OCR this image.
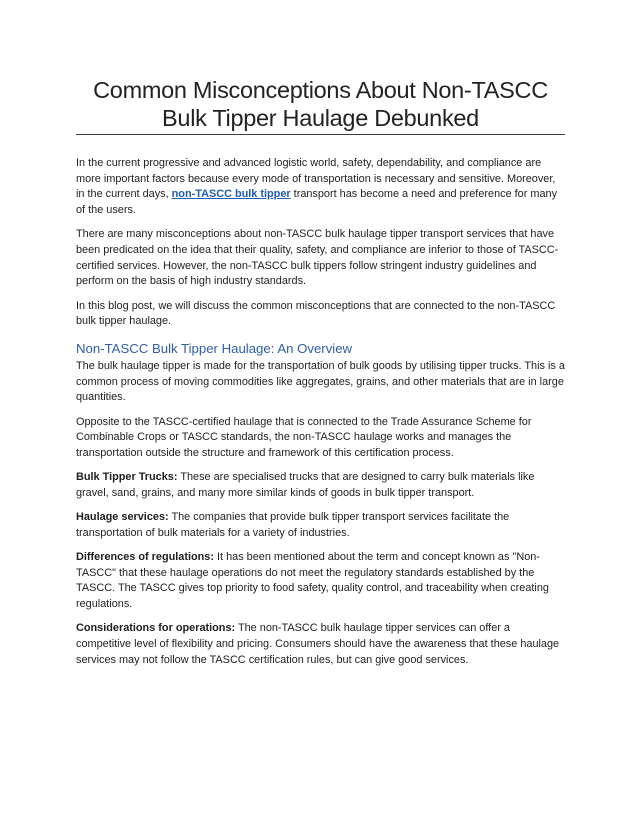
Common Misconceptions About Non-TASCC Bulk Tipper Haulage Debunked

In the current progressive and advanced logistic world, safety, dependability, and compliance are more important factors because every mode of transportation is necessary and sensitive. Moreover, in the current days, non-TASCC bulk tipper transport has become a need and preference for many of the users.

There are many misconceptions about non-TASCC bulk haulage tipper transport services that have been predicated on the idea that their quality, safety, and compliance are inferior to those of TASCC-certified services. However, the non-TASCC bulk tippers follow stringent industry guidelines and perform on the basis of high industry standards.

In this blog post, we will discuss the common misconceptions that are connected to the non-TASCC bulk tipper haulage.

Non-TASCC Bulk Tipper Haulage: An Overview

The bulk haulage tipper is made for the transportation of bulk goods by utilising tipper trucks. This is a common process of moving commodities like aggregates, grains, and other materials that are in large quantities.

Opposite to the TASCC-certified haulage that is connected to the Trade Assurance Scheme for Combinable Crops or TASCC standards, the non-TASCC haulage works and manages the transportation outside the structure and framework of this certification process.

Bulk Tipper Trucks: These are specialised trucks that are designed to carry bulk materials like gravel, sand, grains, and many more similar kinds of goods in bulk tipper transport.

Haulage services: The companies that provide bulk tipper transport services facilitate the transportation of bulk materials for a variety of industries.

Differences of regulations: It has been mentioned about the term and concept known as "Non-TASCC" that these haulage operations do not meet the regulatory standards established by the TASCC. The TASCC gives top priority to food safety, quality control, and traceability when creating regulations.

Considerations for operations: The non-TASCC bulk haulage tipper services can offer a competitive level of flexibility and pricing. Consumers should have the awareness that these haulage services may not follow the TASCC certification rules, but can give good services.
